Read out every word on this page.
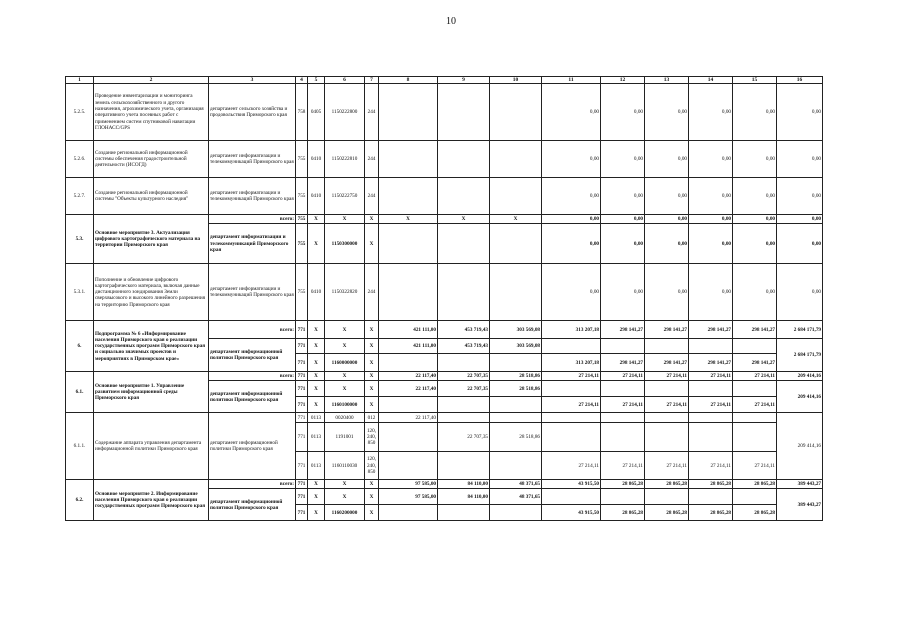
10
1	2	3	4	5	6	7	8	9	10	11	12	13	14	15	16
5.2.5.	Проведение инвентаризации и мониторинга земель сельскохозяйственного и другого назначения, агрохимического учета, организация оперативного учета посевных работ с применением систем спутниковой навигации ГЛОНАСС/GPS	департамент сельского хозяйства и продовольствия Приморского края	758	0405	1150222800	244				0,00	0,00	0,00	0,00	0,00	0,00
5.2.6.	Создание региональной информационной системы обеспечения градостроительной деятельности (ИСОГД)	департамент информатизации и телекоммуникаций Приморского края	755	0410	1150222810	244				0,00	0,00	0,00	0,00	0,00	0,00
5.2.7.	Создание региональной информационной системы "Объекты культурного наследия"	департамент информатизации и телекоммуникаций Приморского края	755	0410	1150222750	244				0,00	0,00	0,00	0,00	0,00	0,00
5.3.	Основное мероприятие 3. Актуализация цифрового картографического материала на территории Приморского края	всего:	755	X	X	X	X	X	X	0,00	0,00	0,00	0,00	0,00	0,00
		департамент информатизации и телекоммуникаций Приморского края	755	X	1150300000	X				0,00	0,00	0,00	0,00	0,00	0,00
5.3.1.	Пополнение и обновление цифрового картографического материала, включая данные дистанционного зондирования Земли сверхвысокого и высокого линейного разрешения на территорию Приморского края	департамент информатизации и телекоммуникаций Приморского края	755	0410	1150322820	244				0,00	0,00	0,00	0,00	0,00	0,00
6.	Подпрограмма № 6 «Информирование населения Приморского края о реализации государственных программ Приморского края и социально значимых проектов и мероприятиях в Приморском крае»	всего:	771	X	X	X	421 111,00	453 719,43	303 569,08	313 207,18	298 141,27	298 141,27	298 141,27	298 141,27	2 684 171,79
		департамент информационной политики Приморского края	771	X	X	X	421 111,00	453 719,43	303 569,08						2 684 171,79
			771	X	1160000000	X				313 207,18	298 141,27	298 141,27	298 141,27	298 141,27	
6.1.	Основное мероприятие 1. Управление развитием информационной среды Приморского края	всего:	771	X	X	X	22 117,40	22 707,35	28 518,86	27 214,11	27 214,11	27 214,11	27 214,11	27 214,11	209 414,16
		департамент информационной политики Приморского края	771	X	X	X	22 117,40	22 707,35	28 518,86						209 414,16
			771	X	1160100000	X				27 214,11	27 214,11	27 214,11	27 214,11	27 214,11	
6.1.1.	Содержание аппарата управления департамента информационной политики Приморского края	департамент информационной политики Приморского края	771	0113	0020400	012	22 117,40								209 414,16
			771	0113	1191001	120, 240, 850		22 707,35	28 518,86						
			771	0113	1160110030	120, 240, 850				27 214,11	27 214,11	27 214,11	27 214,11	27 214,11	
6.2.	Основное мероприятие 2. Информирование населения Приморского края о реализации государственных программ Приморского края	всего:	771	X	X	X	97 585,00	84 110,00	48 371,65	43 915,50	28 865,28	28 865,28	28 865,28	28 865,28	389 443,27
		департамент информационной политики Приморского края	771	X	X	X	97 585,00	84 110,00	48 371,65						389 443,27
			771	X	1160200000	X				43 915,50	28 865,28	28 865,28	28 865,28	28 865,28	
